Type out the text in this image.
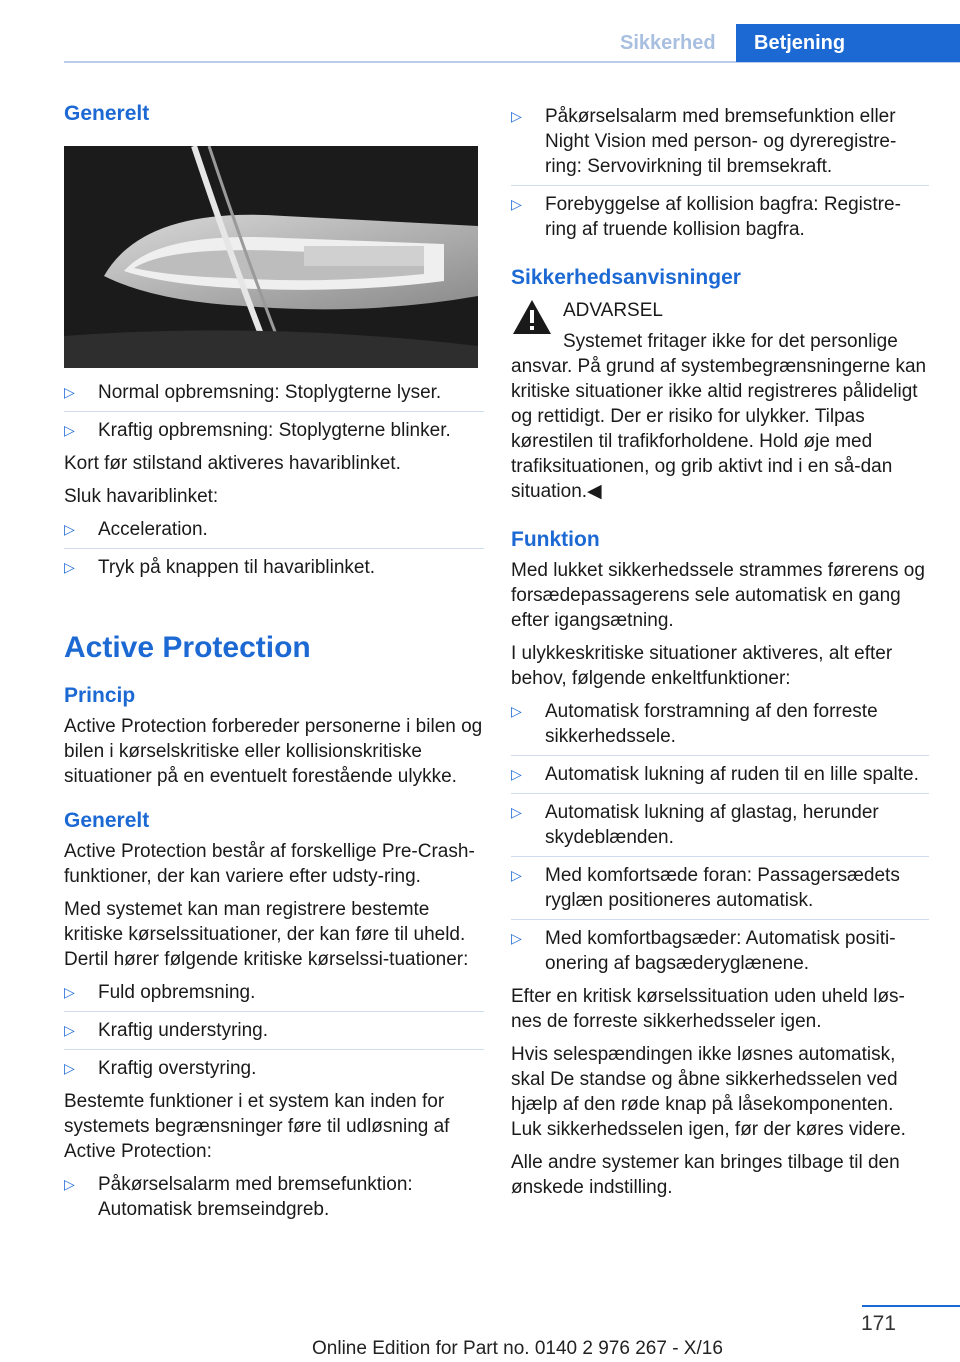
Sikkerhed	Betjening
Generelt
▷	Normal opbremsning: Stoplygterne lyser.
▷	Kraftig opbremsning: Stoplygterne blinker.

Kort før stilstand aktiveres havariblinket.

Sluk havariblinket:

▷	Acceleration.
▷	Tryk på knappen til havariblinket.
Active Protection
Princip

Active Protection forbereder personerne i bilen og bilen i kørselskritiske eller kollisionskritiske situationer på en eventuelt forestående ulykke.

Generelt

Active Protection består af forskellige Pre-Crash-funktioner, der kan variere efter udsty-ring.

Med systemet kan man registrere bestemte kritiske kørselssituationer, der kan føre til uheld. Dertil hører følgende kritiske kørselssi-tuationer:

▷	Fuld opbremsning.
▷	Kraftig understyring.
▷	Kraftig overstyring.

Bestemte funktioner i et system kan inden for systemets begrænsninger føre til udløsning af Active Protection:

▷	Påkørselsalarm med bremsefunktion: Automatisk bremseindgreb.
▷	Påkørselsalarm med bremsefunktion eller Night Vision med person- og dyreregistre-ring: Servovirkning til bremsekraft.
▷	Forebyggelse af kollision bagfra: Registre-ring af truende kollision bagfra.
Sikkerhedsanvisninger

ADVARSEL

Systemet fritager ikke for det personlige

ansvar. På grund af systembegrænsningerne kan kritiske situationer ikke altid registreres pålideligt og rettidigt. Der er risiko for ulykker. Tilpas kørestilen til trafikforholdene. Hold øje med trafiksituationen, og grib aktivt ind i en så-dan situation.◀

Funktion

Med lukket sikkerhedssele strammes førerens og forsædepassagerens sele automatisk en gang efter igangsætning.

I ulykkeskritiske situationer aktiveres, alt efter behov, følgende enkeltfunktioner:

▷	Automatisk forstramning af den forreste sikkerhedssele.
▷	Automatisk lukning af ruden til en lille spalte.
▷	Automatisk lukning af glastag, herunder skydeblænden.
▷	Med komfortsæde foran: Passagersædets ryglæn positioneres automatisk.
▷	Med komfortbagsæder: Automatisk positi-onering af bagsæderyglænene.

Efter en kritisk kørselssituation uden uheld løs-nes de forreste sikkerhedsseler igen.

Hvis selespændingen ikke løsnes automatisk, skal De standse og åbne sikkerhedsselen ved hjælp af den røde knap på låsekomponenten. Luk sikkerhedsselen igen, før der køres videre.

Alle andre systemer kan bringes tilbage til den ønskede indstilling.

171
Online Edition for Part no. 0140 2 976 267 - X/16
